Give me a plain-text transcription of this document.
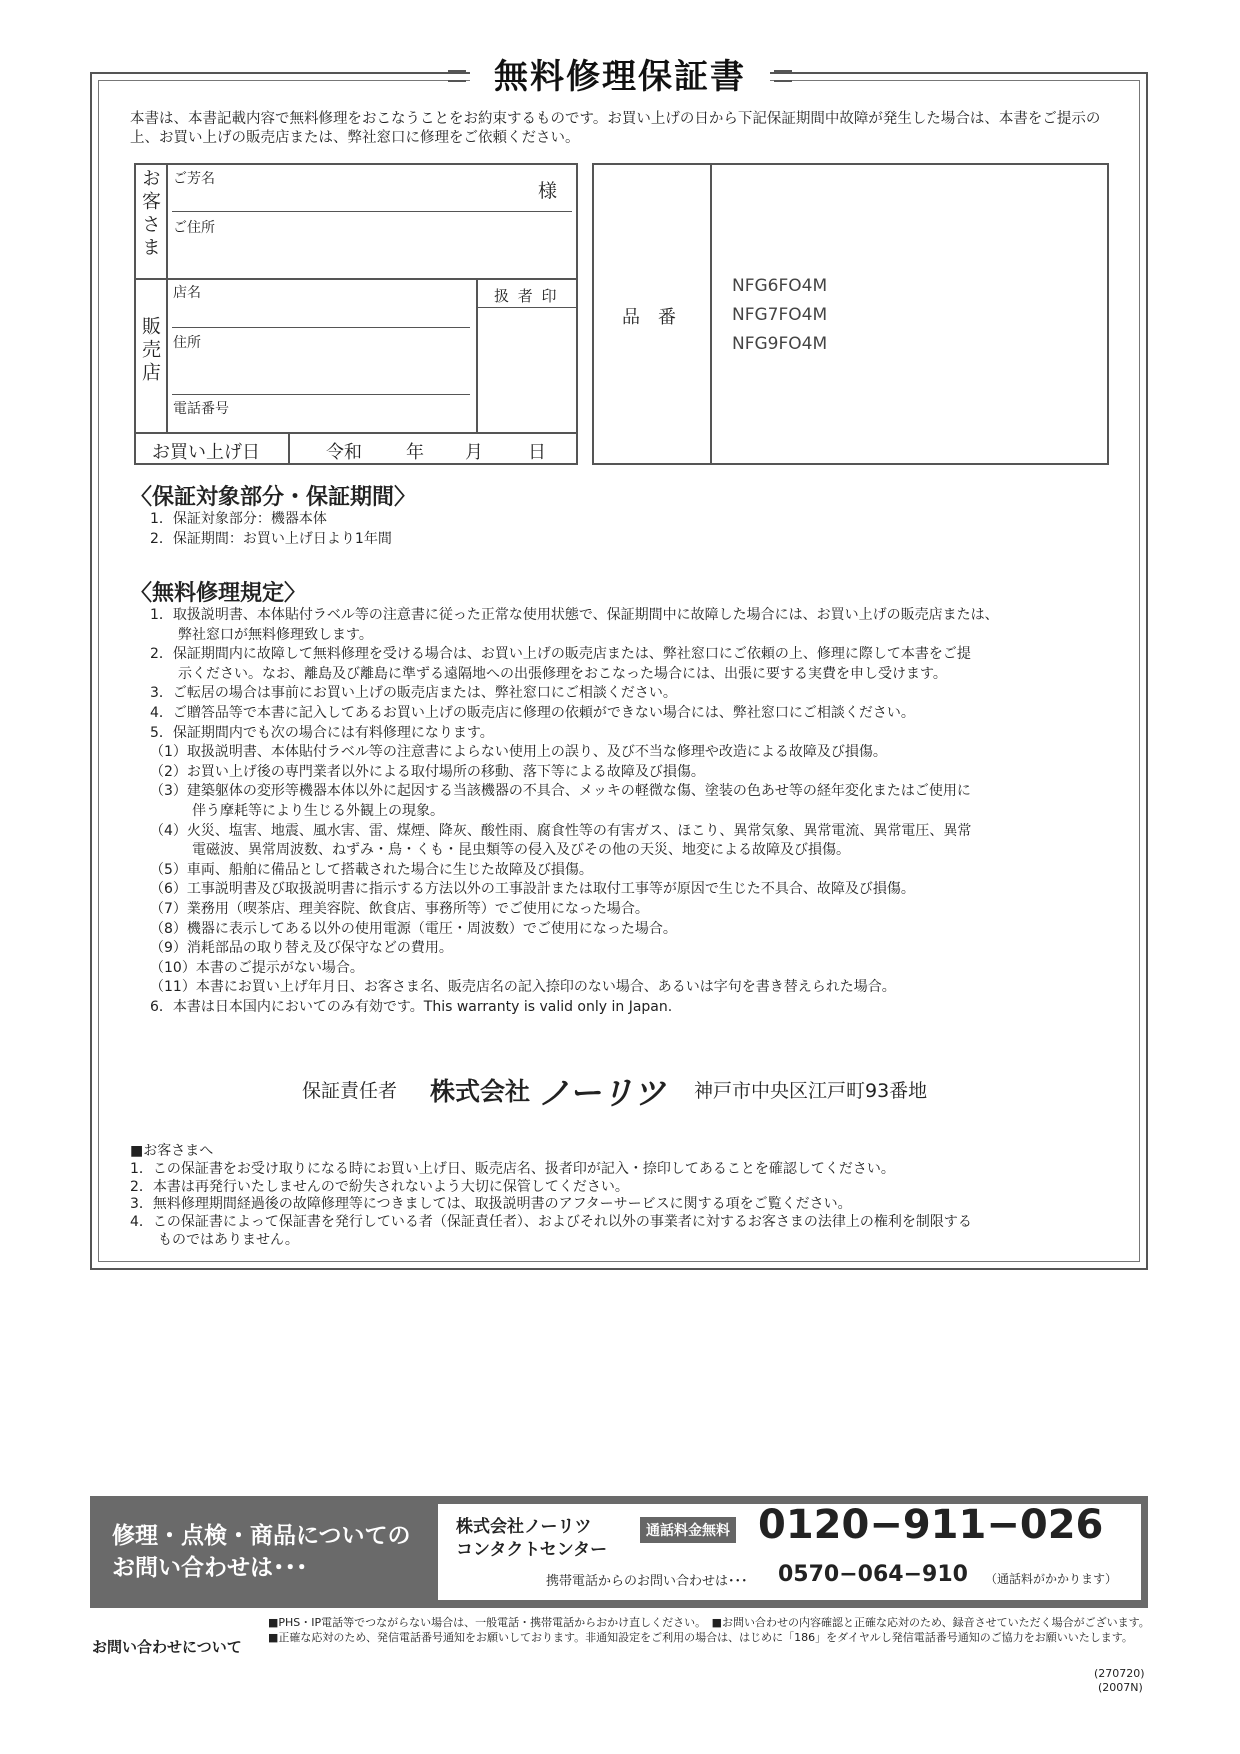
無料修理保証書
本書は、本書記載内容で無料修理をおこなうことをお約束するものです。お買い上げの日から下記保証期間中故障が発生した場合は、本書をご提示の上、お買い上げの販売店または、弊社窓口に修理をご依頼ください。
お客さま ご芳名
様
ご住所
販売店
店名
住所
電話番号
扱 者 印
お買い上げ日	令和 年 月	日
品　番
NFG6FO4M
NFG7FO4M
NFG9FO4M
〈保証対象部分・保証期間〉
1．保証対象部分：機器本体
2．保証期間：お買い上げ日より1年間
〈無料修理規定〉
1．取扱説明書、本体貼付ラベル等の注意書に従った正常な使用状態で、保証期間中に故障した場合には、お買い上げの販売店または、
　　弊社窓口が無料修理致します。
2．保証期間内に故障して無料修理を受ける場合は、お買い上げの販売店または、弊社窓口にご依頼の上、修理に際して本書をご提
　　示ください。なお、離島及び離島に準ずる遠隔地への出張修理をおこなった場合には、出張に要する実費を申し受けます。
3．ご転居の場合は事前にお買い上げの販売店または、弊社窓口にご相談ください。
4．ご贈答品等で本書に記入してあるお買い上げの販売店に修理の依頼ができない場合には、弊社窓口にご相談ください。
5．保証期間内でも次の場合には有料修理になります。
（1）取扱説明書、本体貼付ラベル等の注意書によらない使用上の誤り、及び不当な修理や改造による故障及び損傷。
（2）お買い上げ後の専門業者以外による取付場所の移動、落下等による故障及び損傷。
（3）建築躯体の変形等機器本体以外に起因する当該機器の不具合、メッキの軽微な傷、塗装の色あせ等の経年変化またはご使用に
　　　伴う摩耗等により生じる外観上の現象。
（4）火災、塩害、地震、風水害、雷、煤煙、降灰、酸性雨、腐食性等の有害ガス、ほこり、異常気象、異常電流、異常電圧、異常
　　　電磁波、異常周波数、ねずみ・鳥・くも・昆虫類等の侵入及びその他の天災、地変による故障及び損傷。
（5）車両、船舶に備品として搭載された場合に生じた故障及び損傷。
（6）工事説明書及び取扱説明書に指示する方法以外の工事設計または取付工事等が原因で生じた不具合、故障及び損傷。
（7）業務用（喫茶店、理美容院、飲食店、事務所等）でご使用になった場合。
（8）機器に表示してある以外の使用電源（電圧・周波数）でご使用になった場合。
（9）消耗部品の取り替え及び保守などの費用。
（10）本書のご提示がない場合。
（11）本書にお買い上げ年月日、お客さま名、販売店名の記入捺印のない場合、あるいは字句を書き替えられた場合。
6．本書は日本国内においてのみ有効です。This warranty is valid only in Japan.
保証責任者 株式会社 ノーリツ 神戸市中央区江戸町93番地
■お客さまへ
1．この保証書をお受け取りになる時にお買い上げ日、販売店名、扱者印が記入・捺印してあることを確認してください。
2．本書は再発行いたしませんので紛失されないよう大切に保管してください。
3．無料修理期間経過後の故障修理等につきましては、取扱説明書のアフターサービスに関する項をご覧ください。
4．この保証書によって保証書を発行している者（保証責任者）、およびそれ以外の事業者に対するお客さまの法律上の権利を制限する
　　ものではありません。
修理・点検・商品についての
お問い合わせは･･･
株式会社ノーリツ
コンタクトセンター
通話料金無料 0120−911−026
携帯電話からのお問い合わせは･･･ 0570−064−910 （通話料がかかります）
お問い合わせについて
■PHS・IP電話等でつながらない場合は、一般電話・携帯電話からおかけ直しください。　■お問い合わせの内容確認と正確な応対のため、録音させていただく場合がございます。　■正確な応対のため、発信電話番号通知をお願いしております。非通知設定をご利用の場合は、はじめに「186」をダイヤルし発信電話番号通知のご協力をお願いいたします。
(270720)
(2007N)
